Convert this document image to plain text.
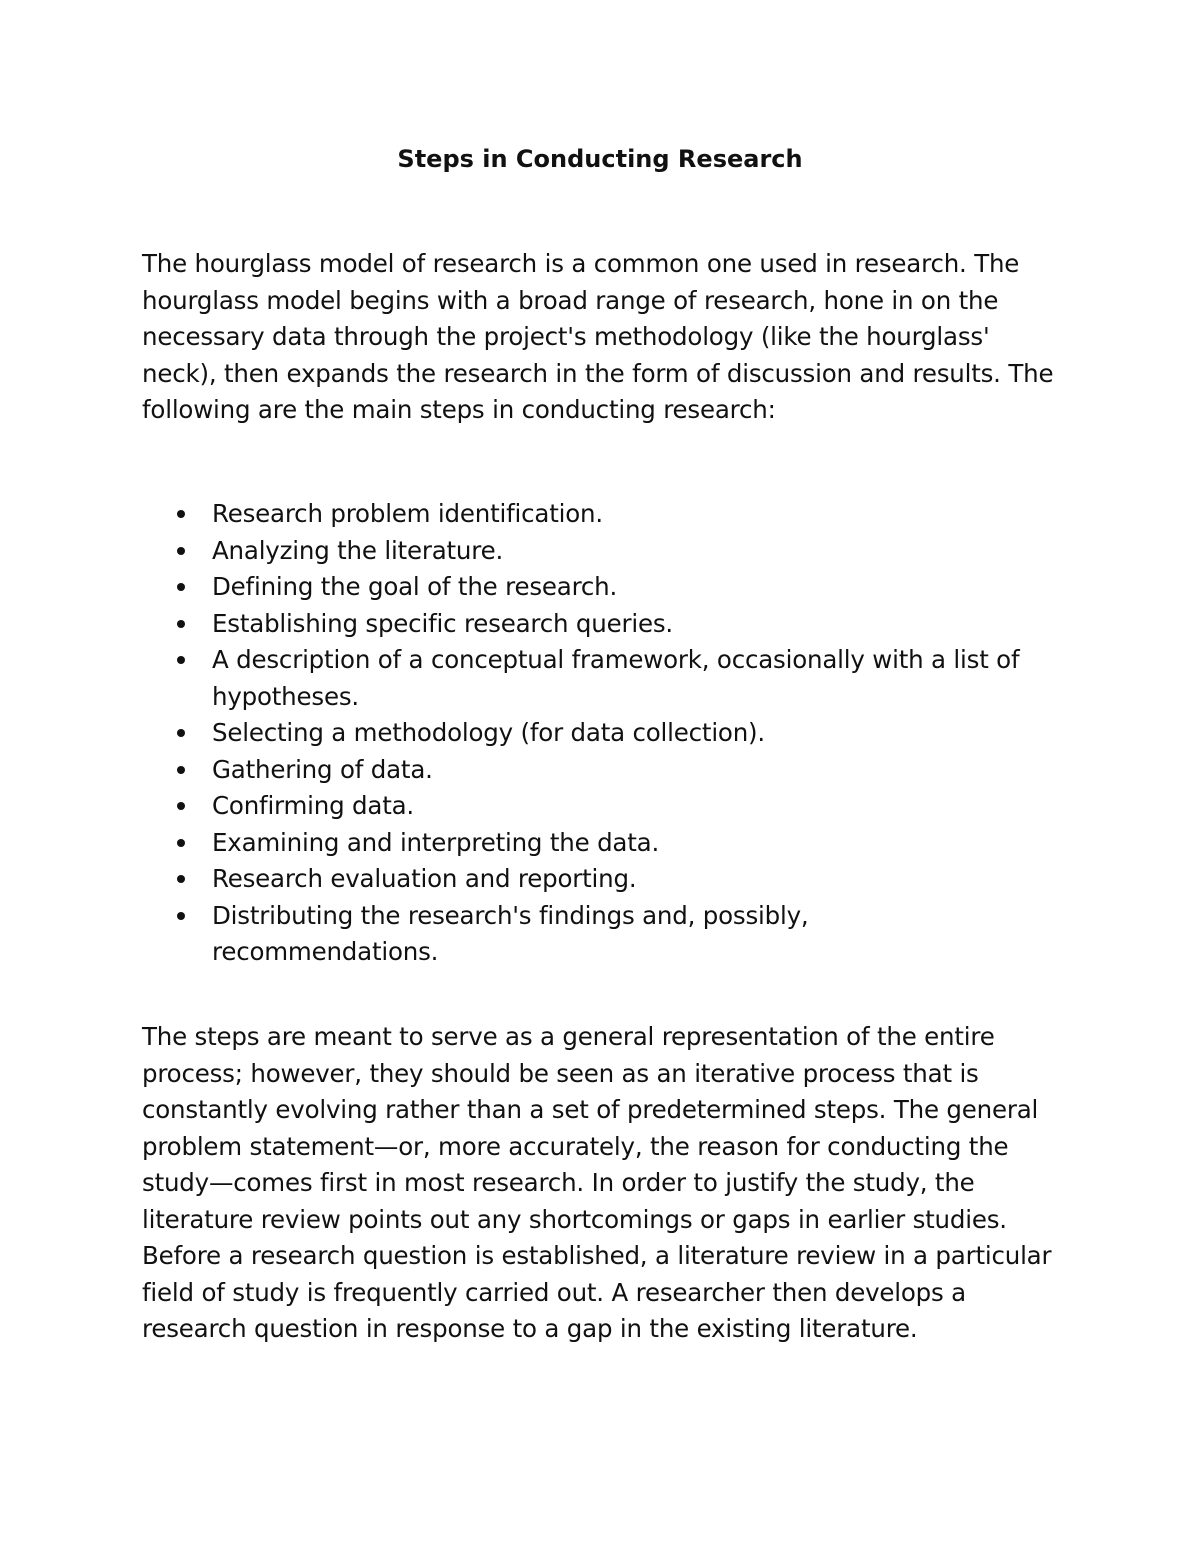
Steps in Conducting Research

The hourglass model of research is a common one used in research. The hourglass model begins with a broad range of research, hone in on the necessary data through the project's methodology (like the hourglass' neck), then expands the research in the form of discussion and results. The following are the main steps in conducting research:

Research problem identification.
Analyzing the literature.
Defining the goal of the research.
Establishing specific research queries.
A description of a conceptual framework, occasionally with a list of hypotheses.
Selecting a methodology (for data collection).
Gathering of data.
Confirming data.
Examining and interpreting the data.
Research evaluation and reporting.
Distributing the research's findings and, possibly, recommendations.

The steps are meant to serve as a general representation of the entire process; however, they should be seen as an iterative process that is constantly evolving rather than a set of predetermined steps. The general problem statement—or, more accurately, the reason for conducting the study—comes first in most research. In order to justify the study, the literature review points out any shortcomings or gaps in earlier studies. Before a research question is established, a literature review in a particular field of study is frequently carried out. A researcher then develops a research question in response to a gap in the existing literature.
